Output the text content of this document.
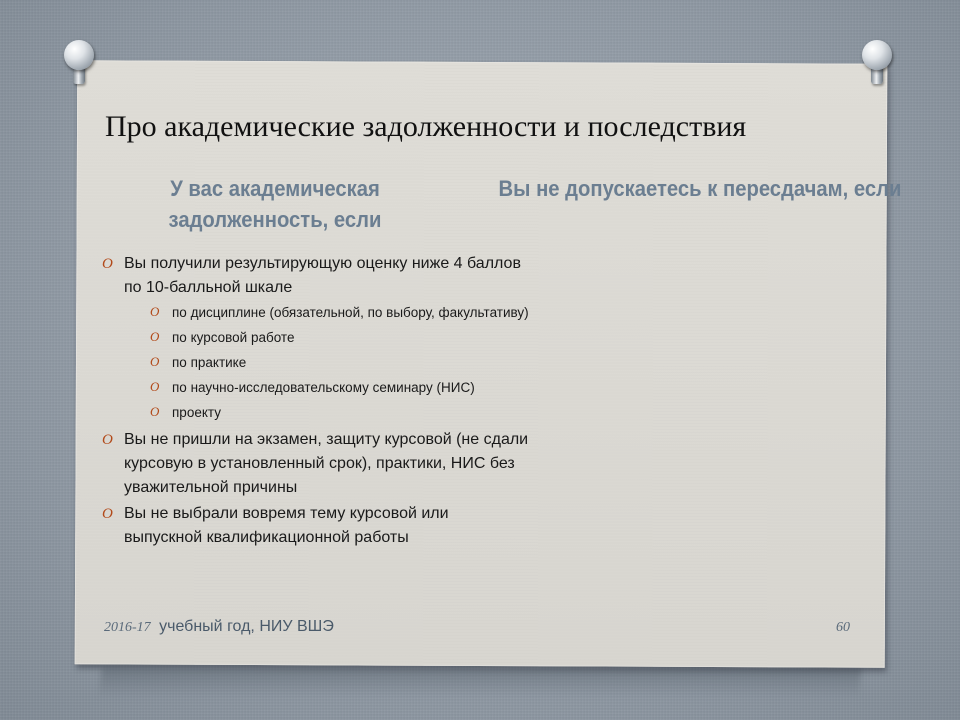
Про академические задолженности и последствия
У вас академическая задолженность, если
Вы не допускаетесь к пересдачам, если
O Вы получили результирующую оценку ниже 4 баллов по 10-балльной шкале
O по дисциплине (обязательной, по выбору, факультативу)
O по курсовой работе
O по практике
O по научно-исследовательскому семинару (НИС)
O проекту
O Вы не пришли на экзамен, защиту курсовой (не сдали курсовую в установленный срок), практики, НИС без уважительной причины
O Вы не выбрали вовремя тему курсовой или выпускной квалификационной работы
2016-17 учебный год, НИУ ВШЭ	60
